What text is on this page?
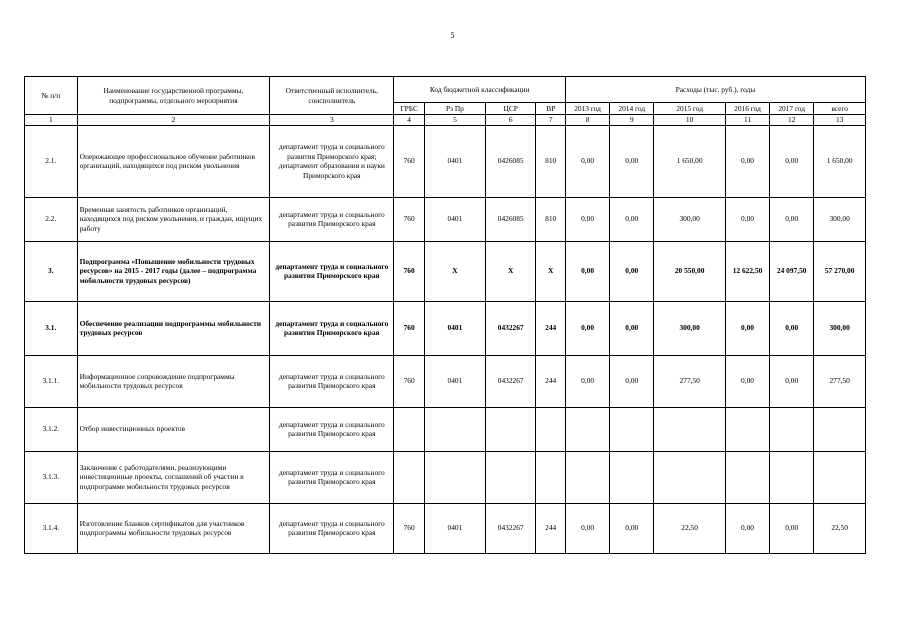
5
№ п/п	Наименование государственной программы, подпрограммы, отдельного мероприятия	Ответственный исполнитель, соисполнитель	Код бюджетной классификации				Расходы (тыс. руб.), годы					
			ГРБС	Рз Пр	ЦСР	ВР	2013 год	2014 год	2015 год	2016 год	2017 год	всего
1	2	3	4	5	6	7	8	9	10	11	12	13
2.1.	Опережающее профессиональное обучение работников организаций, находящихся под риском увольнения	департамент труда и социального развития Приморского края; департамент образования и науки Приморского края	760	0401	0426085	810	0,00	0,00	1 650,00	0,00	0,00	1 650,00
2.2.	Временная занятость работников организаций, находящихся под риском увольнения, и граждан, ищущих работу	департамент труда и социального развития Приморского края	760	0401	0426085	810	0,00	0,00	300,00	0,00	0,00	300,00
3.	Подпрограмма «Повышение мобильности трудовых ресурсов» на 2015 - 2017 годы (далее – подпрограмма мобильности трудовых ресурсов)	департамент труда и социального развития Приморского края	760	Х	Х	Х	0,00	0,00	20 550,00	12 622,50	24 097,50	57 270,00
3.1.	Обеспечение реализации подпрограммы мобильности трудовых ресурсов	департамент труда и социального развития Приморского края	760	0401	0432267	244	0,00	0,00	300,00	0,00	0,00	300,00
3.1.1.	Информационное сопровождение подпрограммы мобильности трудовых ресурсов	департамент труда и социального развития Приморского края	760	0401	0432267	244	0,00	0,00	277,50	0,00	0,00	277,50
3.1.2.	Отбор инвестиционных проектов	департамент труда и социального развития Приморского края										
3.1.3.	Заключение с работодателями, реализующими инвестиционные проекты, соглашений об участии в подпрограмме мобильности трудовых ресурсов	департамент труда и социального развития Приморского края										
3.1.4.	Изготовление бланков сертификатов для участников подпрограммы мобильности трудовых ресурсов	департамент труда и социального развития Приморского края	760	0401	0432267	244	0,00	0,00	22,50	0,00	0,00	22,50
